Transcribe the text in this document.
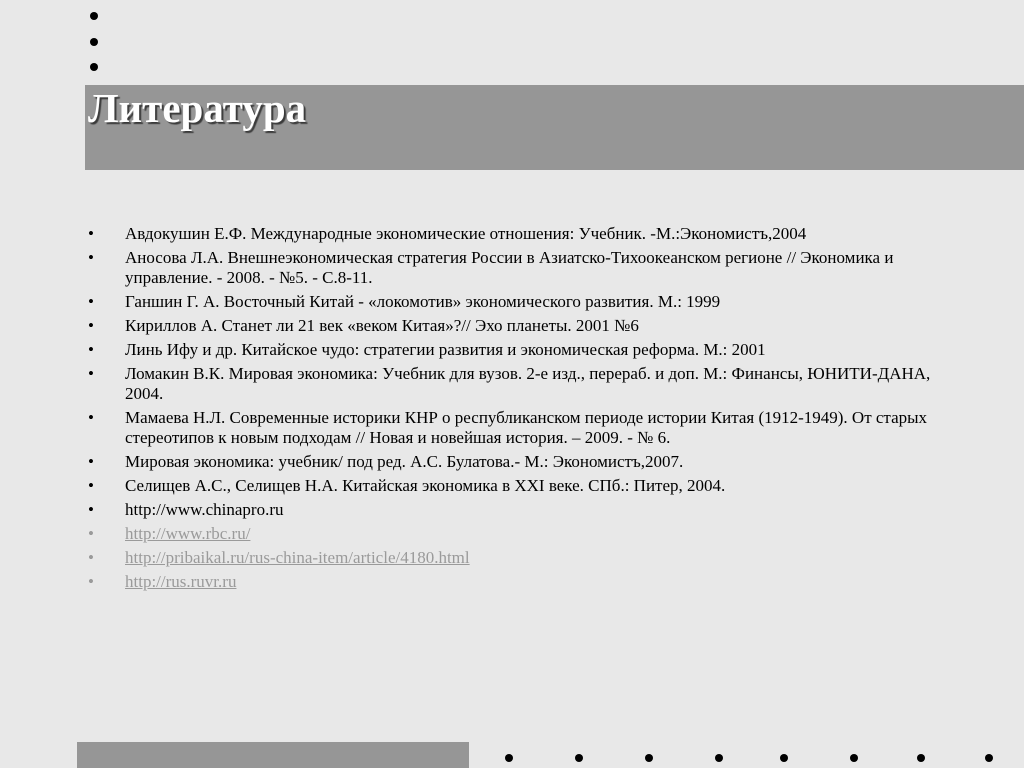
Литература
•	Авдокушин Е.Ф. Международные экономические отношения: Учебник. -М.:Экономистъ,2004
•	Аносова Л.А. Внешнеэкономическая стратегия России в Азиатско-Тихоокеанском регионе // Экономика и управление. - 2008. - №5. - С.8-11.
•	Ганшин Г. А. Восточный Китай - «локомотив» экономического развития. М.: 1999
•	Кириллов А. Станет ли 21 век «веком Китая»?// Эхо планеты. 2001 №6
•	Линь Ифу и др. Китайское чудо: стратегии развития и экономическая реформа. М.: 2001
•	Ломакин В.К. Мировая экономика: Учебник для вузов. 2-е изд., перераб. и доп. М.: Финансы, ЮНИТИ-ДАНА, 2004.
•	Мамаева Н.Л. Современные историки КНР о республиканском периоде истории Китая (1912-1949). От старых стереотипов к новым подходам // Новая и новейшая история. – 2009. - № 6.
•	Мировая экономика: учебник/ под ред. А.С. Булатова.- М.: Экономистъ,2007.
•	Селищев А.С., Селищев Н.А. Китайская экономика в XXI веке. СПб.: Питер, 2004.
•	http://www.chinapro.ru
•	http://www.rbc.ru/
•	http://pribaikal.ru/rus-china-item/article/4180.html
•	http://rus.ruvr.ru
